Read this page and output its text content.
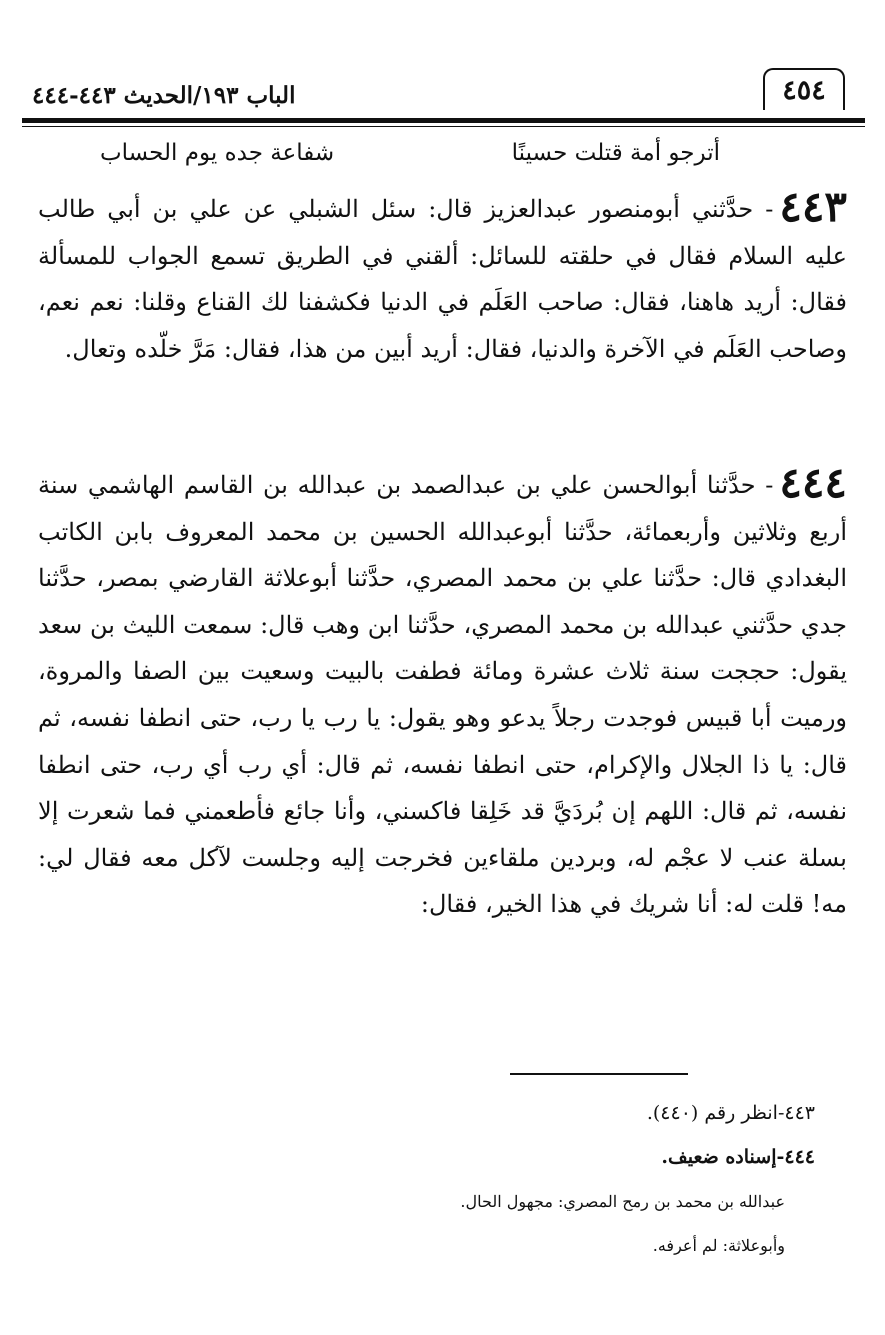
٤٥٤
الباب ١٩٣/الحديث ٤٤٣-٤٤٤
أترجو أمة قتلت حسينًا
شفاعة جده يوم الحساب
٤٤٣- حدَّثني أبومنصور عبدالعزيز قال: سئل الشبلي عن علي بن أبي طالب عليه السلام فقال في حلقته للسائل: ألقني في الطريق تسمع الجواب للمسألة فقال: أريد هاهنا، فقال: صاحب العَلَم في الدنيا فكشفنا لك القناع وقلنا: نعم نعم، وصاحب العَلَم في الآخرة والدنيا، فقال: أريد أبين من هذا، فقال: مَرَّ خلّده وتعال.
٤٤٤- حدَّثنا أبوالحسن علي بن عبدالصمد بن عبدالله بن القاسم الهاشمي سنة أربع وثلاثين وأربعمائة، حدَّثنا أبوعبدالله الحسين بن محمد المعروف بابن الكاتب البغدادي قال: حدَّثنا علي بن محمد المصري، حدَّثنا أبوعلاثة القارضي بمصر، حدَّثنا جدي حدَّثني عبدالله بن محمد المصري، حدَّثنا ابن وهب قال: سمعت الليث بن سعد يقول: حججت سنة ثلاث عشرة ومائة فطفت بالبيت وسعيت بين الصفا والمروة، ورميت أبا قبيس فوجدت رجلاً يدعو وهو يقول: يا رب يا رب، حتى انطفا نفسه، ثم قال: يا ذا الجلال والإكرام، حتى انطفا نفسه، ثم قال: أي رب أي رب، حتى انطفا نفسه، ثم قال: اللهم إن بُردَيَّ قد خَلِقا فاكسني، وأنا جائع فأطعمني فما شعرت إلا بسلة عنب لا عجْم له، وبردين ملقاءين فخرجت إليه وجلست لآكل معه فقال لي: مه! قلت له: أنا شريك في هذا الخير، فقال:
٤٤٣-انظر رقم (٤٤٠).
٤٤٤-إسناده ضعيف.
عبدالله بن محمد بن رمح المصري: مجهول الحال.
وأبوعلاثة: لم أعرفه.
